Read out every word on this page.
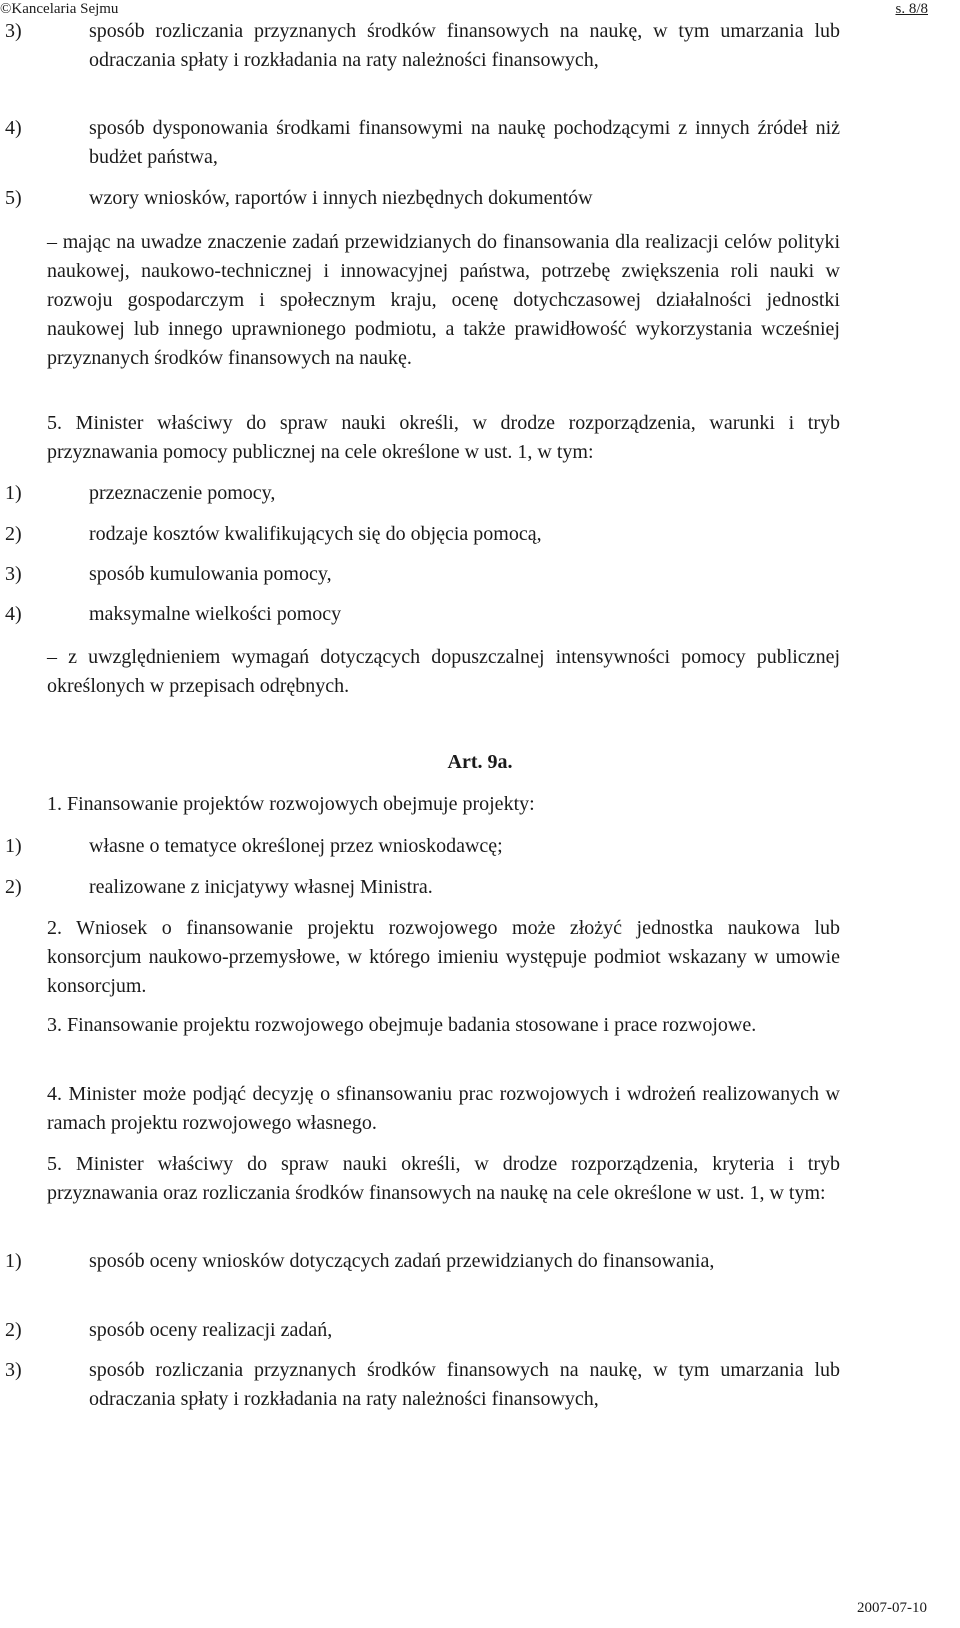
©Kancelaria Sejmu	s. 8/8
3)	sposób rozliczania przyznanych środków finansowych na naukę, w tym umarzania lub odraczania spłaty i rozkładania na raty należności finansowych,
4)	sposób dysponowania środkami finansowymi na naukę pochodzącymi z innych źródeł niż budżet państwa,
5)	wzory wniosków, raportów i innych niezbędnych dokumentów
– mając na uwadze znaczenie zadań przewidzianych do finansowania dla realizacji celów polityki naukowej, naukowo-technicznej i innowacyjnej państwa, potrzebę zwiększenia roli nauki w rozwoju gospodarczym i społecznym kraju, ocenę dotychczasowej działalności jednostki naukowej lub innego uprawnionego podmiotu, a także prawidłowość wykorzystania wcześniej przyznanych środków finansowych na naukę.
5. Minister właściwy do spraw nauki określi, w drodze rozporządzenia, warunki i tryb przyznawania pomocy publicznej na cele określone w ust. 1, w tym:
1)	przeznaczenie pomocy,
2)	rodzaje kosztów kwalifikujących się do objęcia pomocą,
3)	sposób kumulowania pomocy,
4)	maksymalne wielkości pomocy
– z uwzględnieniem wymagań dotyczących dopuszczalnej intensywności pomocy publicznej określonych w przepisach odrębnych.
Art. 9a.
1. Finansowanie projektów rozwojowych obejmuje projekty:
1)	własne o tematyce określonej przez wnioskodawcę;
2)	realizowane z inicjatywy własnej Ministra.
2. Wniosek o finansowanie projektu rozwojowego może złożyć jednostka naukowa lub konsorcjum naukowo-przemysłowe, w którego imieniu występuje podmiot wskazany w umowie konsorcjum.
3. Finansowanie projektu rozwojowego obejmuje badania stosowane i prace rozwojowe.
4. Minister może podjąć decyzję o sfinansowaniu prac rozwojowych i wdrożeń realizowanych w ramach projektu rozwojowego własnego.
5. Minister właściwy do spraw nauki określi, w drodze rozporządzenia, kryteria i tryb przyznawania oraz rozliczania środków finansowych na naukę na cele określone w ust. 1, w tym:
1)	sposób oceny wniosków dotyczących zadań przewidzianych do finansowania,
2)	sposób oceny realizacji zadań,
3)	sposób rozliczania przyznanych środków finansowych na naukę, w tym umarzania lub odraczania spłaty i rozkładania na raty należności finansowych,
2007-07-10
